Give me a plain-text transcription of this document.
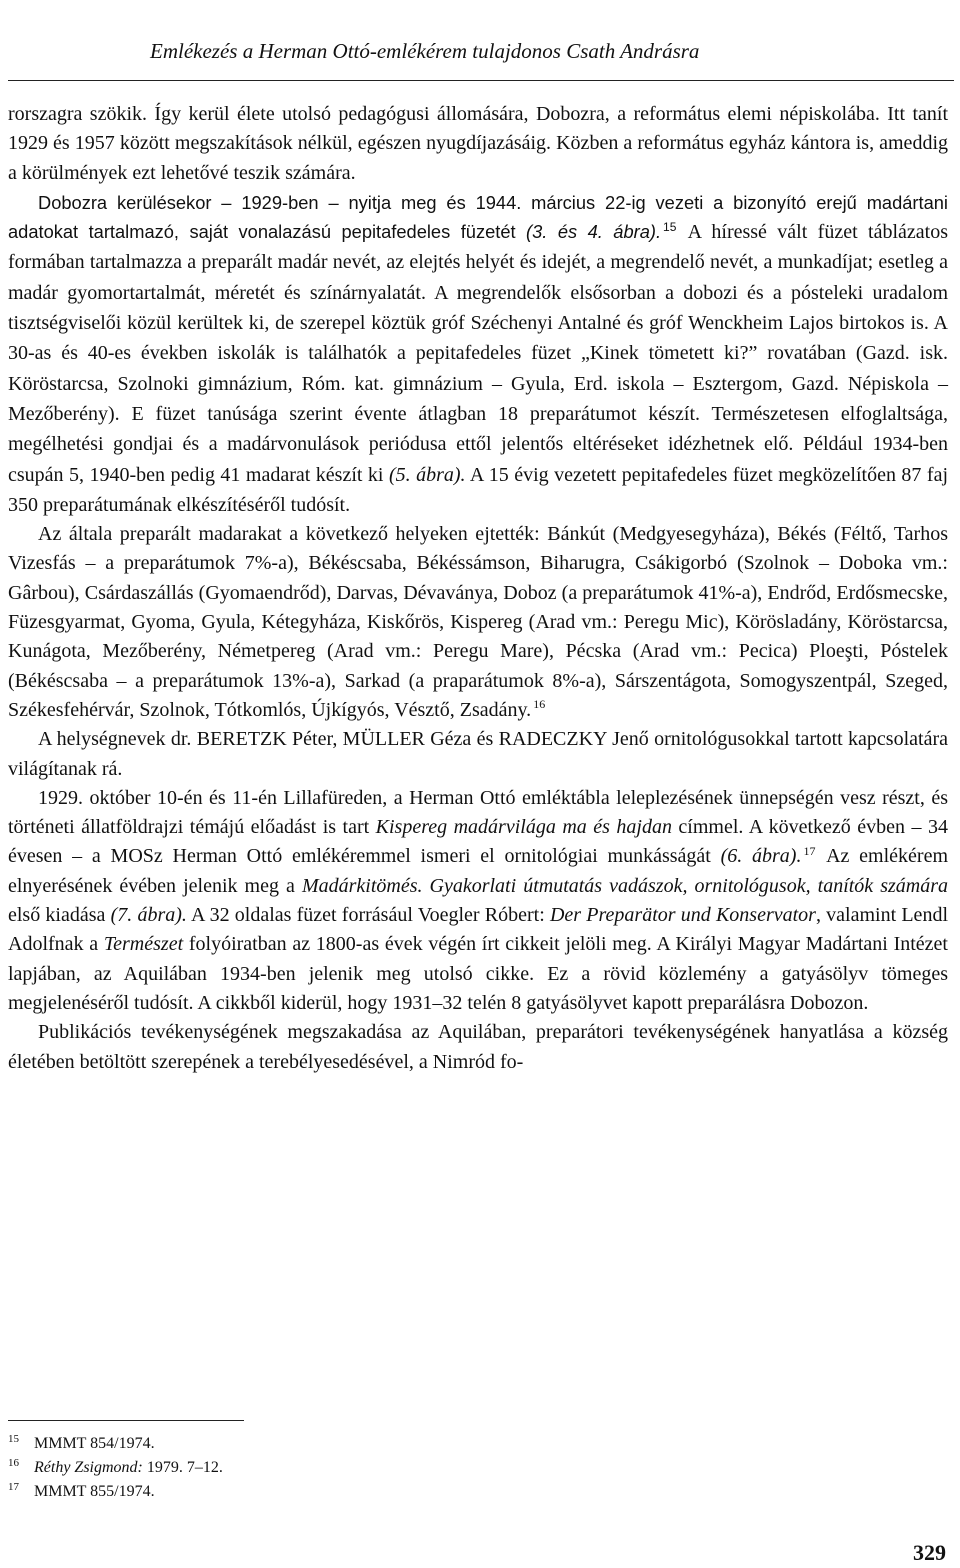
Emlékezés a Herman Ottó-emlékérem tulajdonos Csath Andrásra

rorszagra szökik. Így kerül élete utolsó pedagógusi állomására, Dobozra, a református elemi népiskolába. Itt tanít 1929 és 1957 között megszakítások nélkül, egészen nyugdíjazásáig. Közben a református egyház kántora is, ameddig a körülmények ezt lehetővé teszik számára.

Dobozra kerülésekor – 1929-ben – nyitja meg és 1944. március 22-ig vezeti a bizonyító erejű madártani adatokat tartalmazó, saját vonalazású pepitafedeles füzetét (3. és 4. ábra). $^{15}$ A híressé vált füzet táblázatos formában tartalmazza a preparált madár nevét, az elejtés helyét és idejét, a megrendelő nevét, a munkadíjat; esetleg a madár gyomortartalmát, méretét és színárnyalatát. A megrendelők elsősorban a dobozi és a pósteleki uradalom tisztségviselői közül kerültek ki, de szerepel köztük gróf Széchenyi Antalné és gróf Wenckheim Lajos birtokos is. A 30-as és 40-es években iskolák is találhatók a pepitafedeles füzet „Kinek tömetett ki?” rovatában (Gazd. isk. Köröstarcsa, Szolnoki gimnázium, Róm. kat. gimnázium – Gyula, Erd. iskola – Esztergom, Gazd. Népiskola – Mezőberény). E füzet tanúsága szerint évente átlagban 18 preparátumot készít. Természetesen elfoglaltsága, megélhetési gondjai és a madárvonulások periódusa ettől jelentős eltéréseket idézhetnek elő. Például 1934-ben csupán 5, 1940-ben pedig 41 madarat készít ki (5. ábra). A 15 évig vezetett pepitafedeles füzet megközelítően 87 faj 350 preparátumának elkészítéséről tudósít.

Az általa preparált madarakat a következő helyeken ejtették: Bánkút (Medgyesegyháza), Békés (Féltő, Tarhos Vizesfás – a preparátumok 7%-a), Békéscsaba, Békéssámson, Biharugra, Csákigorbó (Szolnok – Doboka vm.: Gârbou), Csárdaszállás (Gyomaendrőd), Darvas, Dévaványa, Doboz (a preparátumok 41%-a), Endrőd, Erdősmecske, Füzesgyarmat, Gyoma, Gyula, Kétegyháza, Kiskőrös, Kispereg (Arad vm.: Peregu Mic), Körösladány, Köröstarcsa, Kunágota, Mezőberény, Németpereg (Arad vm.: Peregu Mare), Pécska (Arad vm.: Pecica) Ploeşti, Póstelek (Békéscsaba – a preparátumok 13%-a), Sarkad (a praparátumok 8%-a), Sárszentágota, Somogyszentpál, Szeged, Székesfehérvár, Szolnok, Tótkomlós, Újkígyós, Vésztő, Zsadány. $^{16}$

A helységnevek dr. BERETZK Péter, MÜLLER Géza és RADECZKY Jenő ornitológusokkal tartott kapcsolatára világítanak rá.

1929. október 10-én és 11-én Lillafüreden, a Herman Ottó emléktábla leleplezésének ünnepségén vesz részt, és történeti állatföldrajzi témájú előadást is tart Kispereg madárvilága ma és hajdan címmel. A következő évben – 34 évesen – a MOSz Herman Ottó emlékéremmel ismeri el ornitológiai munkásságát (6. ábra). $^{17}$ Az emlékérem elnyerésének évében jelenik meg a Madárkitömés. Gyakorlati útmutatás vadászok, ornitológusok, tanítók számára első kiadása (7. ábra). A 32 oldalas füzet forrásául Voegler Róbert: Der Preparätor und Konservator, valamint Lendl Adolfnak a Természet folyóiratban az 1800-as évek végén írt cikkeit jelöli meg. A Királyi Magyar Madártani Intézet lapjában, az Aquilában 1934-ben jelenik meg utolsó cikke. Ez a rövid közlemény a gatyásölyv tömeges megjelenéséről tudósít. A cikkből kiderül, hogy 1931–32 telén 8 gatyásölyvet kapott preparálásra Dobozon.

Publikációs tevékenységének megszakadása az Aquilában, preparátori tevékenységének hanyatlása a község életében betöltött szerepének a terebélyesedésével, a Nimród fo-

15 MMMT 854/1974.
16 Réthy Zsigmond: 1979. 7–12.
17 MMMT 855/1974.
329
